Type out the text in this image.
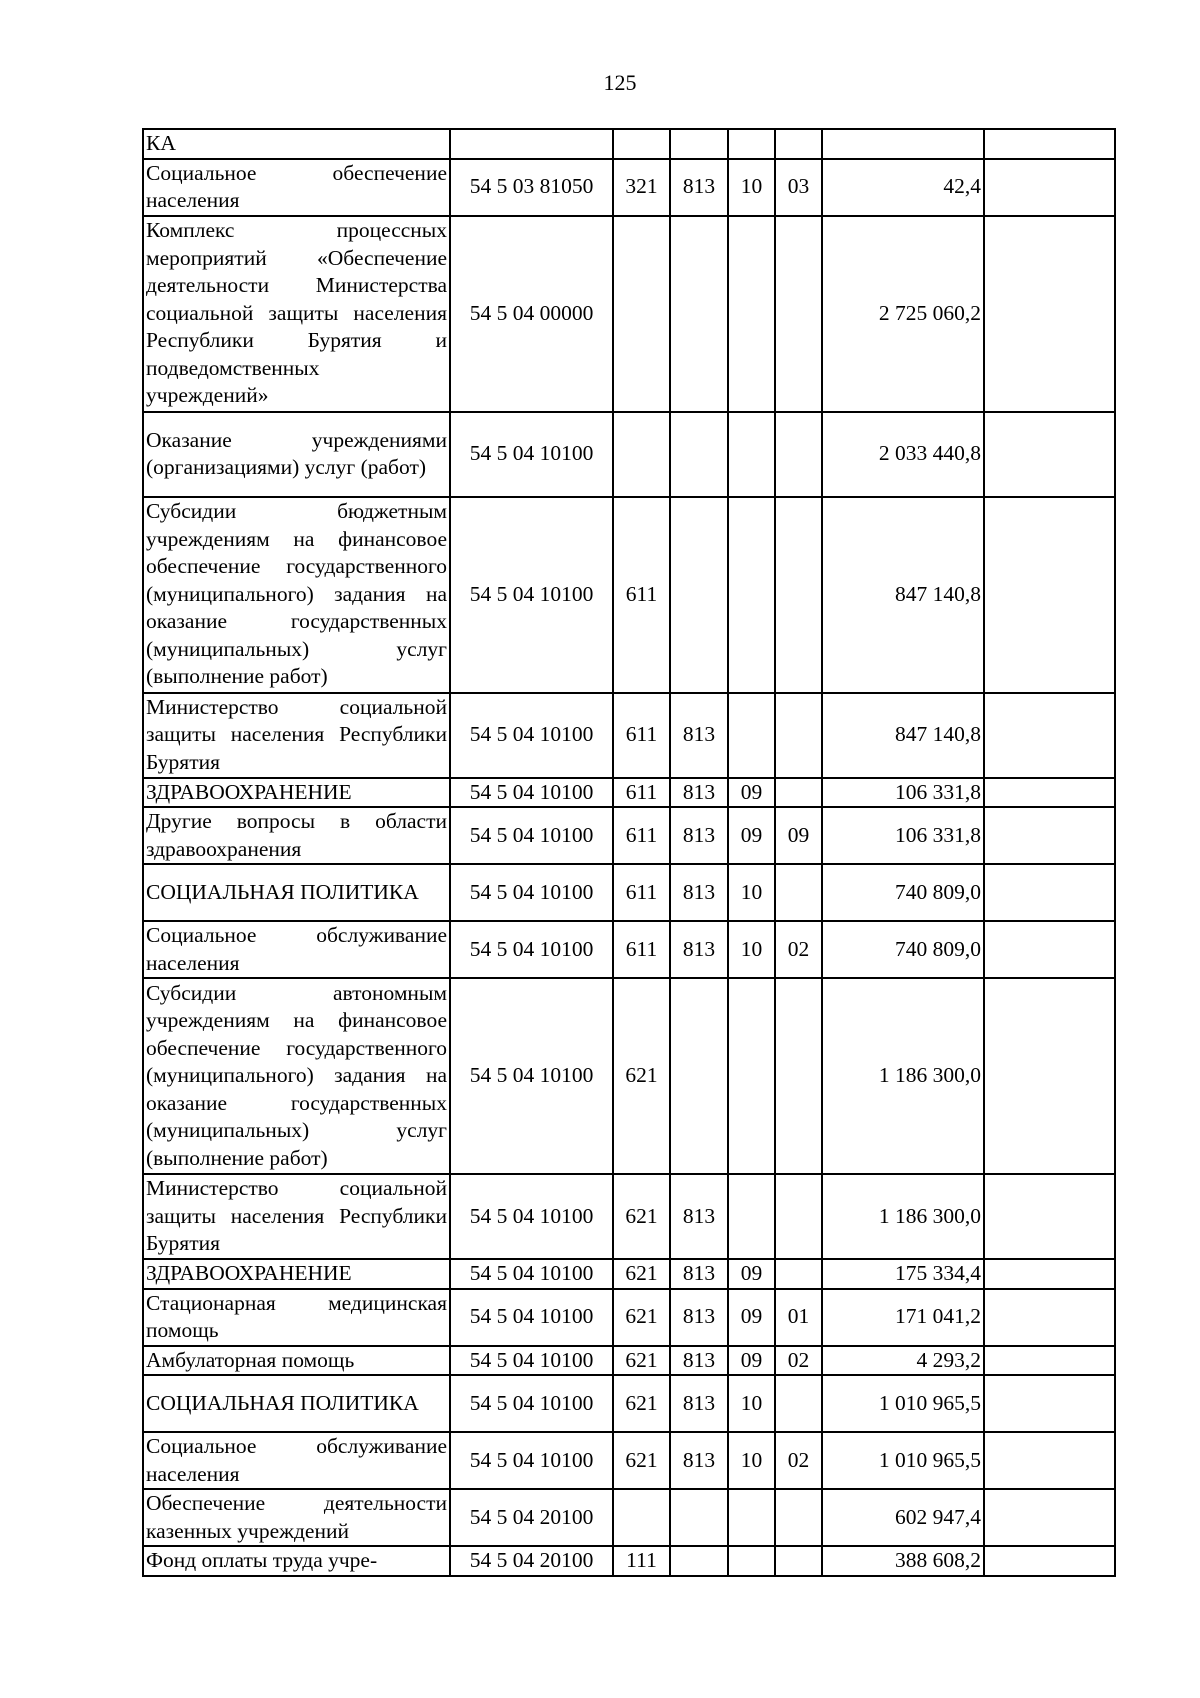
125
КА							
Социальное обеспечение населения	54 5 03 81050	321	813	10	03	42,4	
Комплекс процессных мероприятий «Обеспечение деятельности Министерства социальной защиты населения Республики Бурятия и подведомственных учреждений»	54 5 04 00000					2 725 060,2	
Оказание учреждениями (организациями) услуг (работ)	54 5 04 10100					2 033 440,8	
Субсидии бюджетным учреждениям на финансовое обеспечение государственного (муниципального) задания на оказание государственных (муниципальных) услуг (выполнение работ)	54 5 04 10100	611				847 140,8	
Министерство социальной защиты населения Республики Бурятия	54 5 04 10100	611	813			847 140,8	
ЗДРАВООХРАНЕНИЕ	54 5 04 10100	611	813	09		106 331,8	
Другие вопросы в области здравоохранения	54 5 04 10100	611	813	09	09	106 331,8	
СОЦИАЛЬНАЯ ПОЛИТИКА	54 5 04 10100	611	813	10		740 809,0	
Социальное обслуживание населения	54 5 04 10100	611	813	10	02	740 809,0	
Субсидии автономным учреждениям на финансовое обеспечение государственного (муниципального) задания на оказание государственных (муниципальных) услуг (выполнение работ)	54 5 04 10100	621				1 186 300,0	
Министерство социальной защиты населения Республики Бурятия	54 5 04 10100	621	813			1 186 300,0	
ЗДРАВООХРАНЕНИЕ	54 5 04 10100	621	813	09		175 334,4	
Стационарная медицинская помощь	54 5 04 10100	621	813	09	01	171 041,2	
Амбулаторная помощь	54 5 04 10100	621	813	09	02	4 293,2	
СОЦИАЛЬНАЯ ПОЛИТИКА	54 5 04 10100	621	813	10		1 010 965,5	
Социальное обслуживание населения	54 5 04 10100	621	813	10	02	1 010 965,5	
Обеспечение деятельности казенных учреждений	54 5 04 20100					602 947,4	
Фонд оплаты труда учре-	54 5 04 20100	111				388 608,2	
